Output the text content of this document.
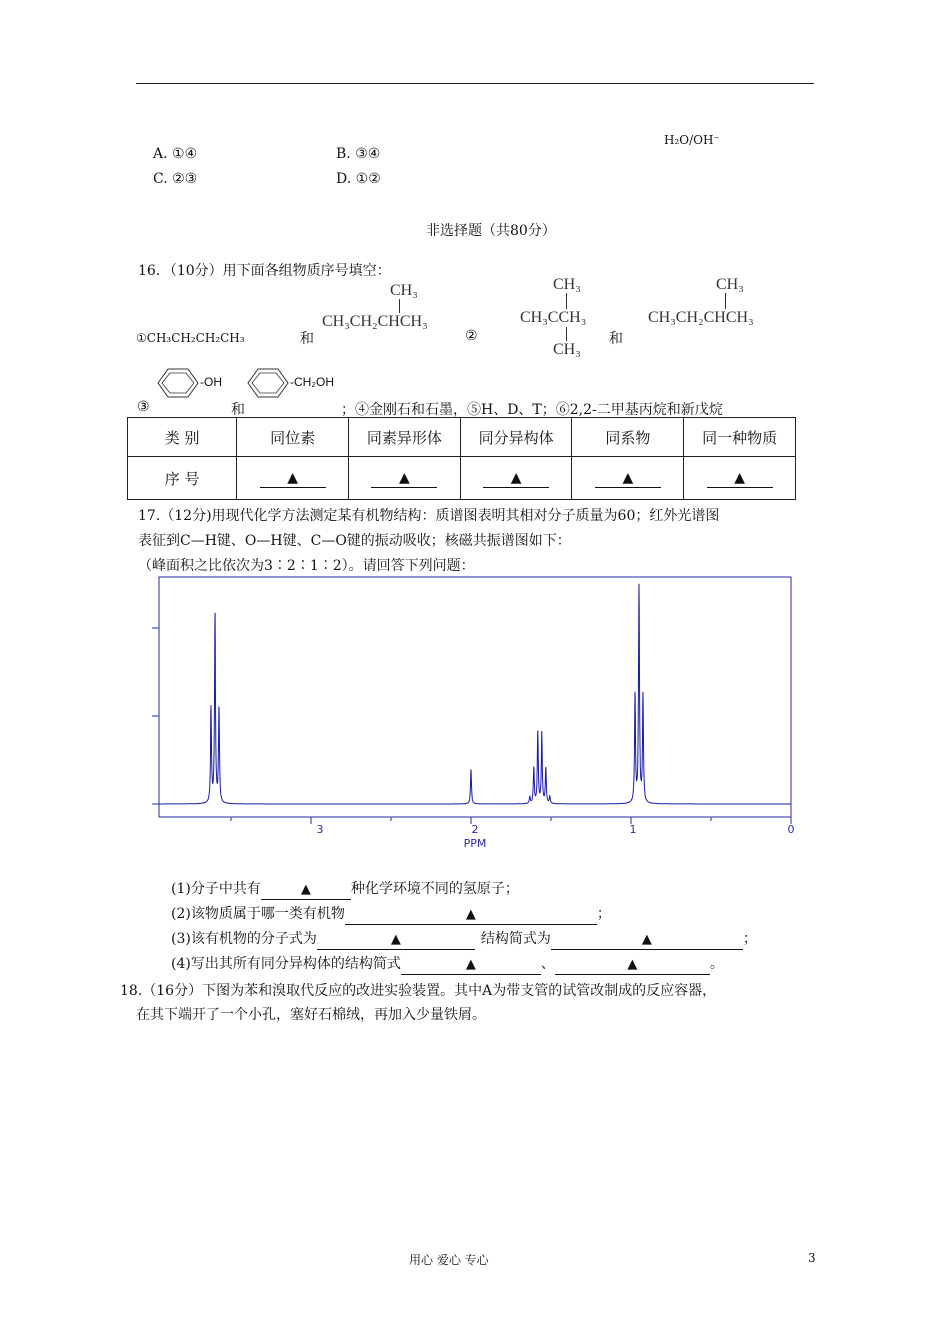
H₂O/OH⁻
A. ①④	B. ③④
C. ②③	D. ①②
非选择题（共80分）
16．（10分）用下面各组物质序号填空：
①CH₃CH₂CH₂CH₃	和
CH₃
CH₃CH₂CHCH₃
②
CH₃
CH₃CCH₃
CH₃
和
CH₃
CH₃CH₂CHCH₃
-OH	-CH₂OH
③	和	；④金刚石和石墨，⑤H、D、T；⑥2,2-二甲基丙烷和新戊烷
类 别	同位素	同素异形体	同分异构体	同系物	同一种物质
序 号	▲	▲	▲	▲	▲
17.（12分)用现代化学方法测定某有机物结构：质谱图表明其相对分子质量为60；红外光谱图
表征到C—H键、O—H键、C—O键的振动吸收；核磁共振谱图如下：
（峰面积之比依次为3∶2∶1∶2）。请回答下列问题：
3	2	1	0
PPM
(1)分子中共有	▲	种化学环境不同的氢原子；
(2)该物质属于哪一类有机物	▲	；
(3)该有机物的分子式为	▲	结构简式为	▲	；
(4)写出其所有同分异构体的结构简式	▲	、	▲	。
18.（16分）下图为苯和溴取代反应的改进实验装置。其中A为带支管的试管改制成的反应容器，
在其下端开了一个小孔，塞好石棉绒，再加入少量铁屑。
用心 爱心 专心	3
